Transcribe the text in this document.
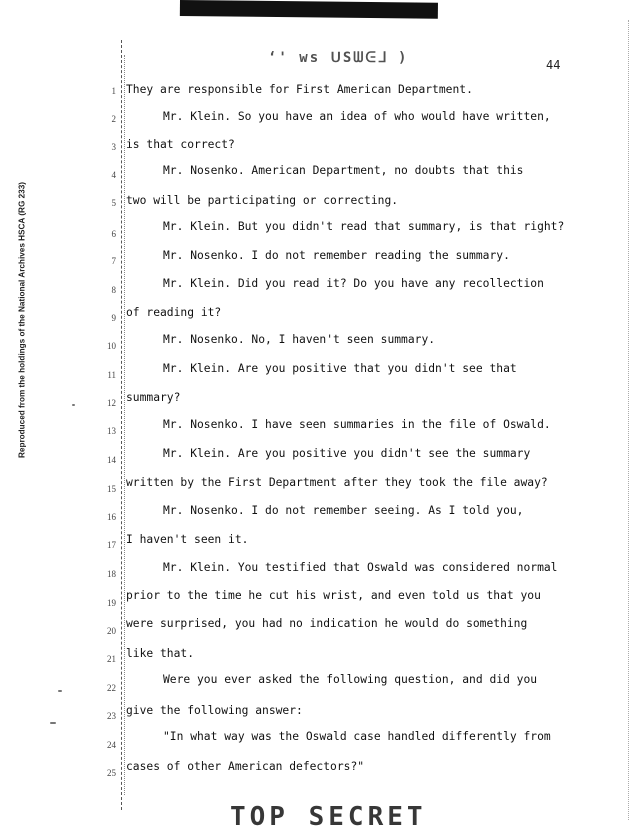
ʻ' ws ᑌSᗯᕮ⅃ )	44
Reproduced from the holdings of the National Archives HSCA (RG 233)
1
2
3
4
5
6
7
8
9
10
11
12
13
14
15
16
17
18
19
20
21
22
23
24
25
They are responsible for First American Department.
Mr. Klein. So you have an idea of who would have written,
is that correct?
Mr. Nosenko. American Department, no doubts that this
two will be participating or correcting.
Mr. Klein. But you didn't read that summary, is that right?
Mr. Nosenko. I do not remember reading the summary.
Mr. Klein. Did you read it? Do you have any recollection
of reading it?
Mr. Nosenko. No, I haven't seen summary.
Mr. Klein. Are you positive that you didn't see that
summary?
Mr. Nosenko. I have seen summaries in the file of Oswald.
Mr. Klein. Are you positive you didn't see the summary
written by the First Department after they took the file away?
Mr. Nosenko. I do not remember seeing. As I told you,
I haven't seen it.
Mr. Klein. You testified that Oswald was considered normal
prior to the time he cut his wrist, and even told us that you
were surprised, you had no indication he would do something
like that.
Were you ever asked the following question, and did you
give the following answer:
"In what way was the Oswald case handled differently from
cases of other American defectors?"
TOP SECRET
